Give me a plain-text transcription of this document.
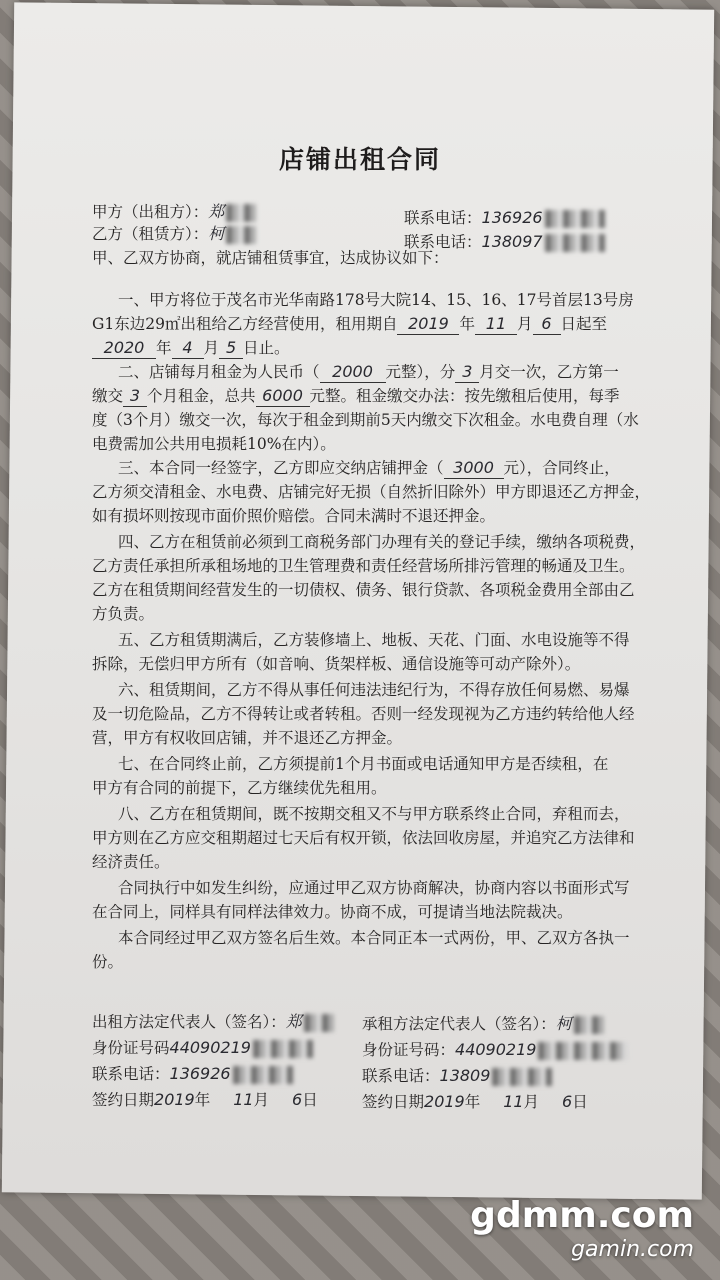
店铺出租合同
甲方（出租方）：郑	联系电话：136926
乙方（租赁方）：柯	联系电话：138097
甲、乙双方协商，就店铺租赁事宜，达成协议如下：
一、甲方将位于茂名市光华南路178号大院14、15、16、17号首层13号房
G1东边29㎡出租给乙方经营使用，租用期自 2019 年 11 月 6 日起至
2020 年 4 月 5 日止。
二、店铺每月租金为人民币（ 2000 元整），分 3 月交一次，乙方第一
缴交 3 个月租金，总共 6000 元整。租金缴交办法：按先缴租后使用，每季
度（3个月）缴交一次，每次于租金到期前5天内缴交下次租金。水电费自理（水
电费需加公共用电损耗10%在内）。
三、本合同一经签字，乙方即应交纳店铺押金（ 3000 元），合同终止，
乙方须交清租金、水电费、店铺完好无损（自然折旧除外）甲方即退还乙方押金，
如有损坏则按现市面价照价赔偿。合同未满时不退还押金。
四、乙方在租赁前必须到工商税务部门办理有关的登记手续，缴纳各项税费，
乙方责任承担所承租场地的卫生管理费和责任经营场所排污管理的畅通及卫生。
乙方在租赁期间经营发生的一切债权、债务、银行贷款、各项税金费用全部由乙
方负责。
五、乙方租赁期满后，乙方装修墙上、地板、天花、门面、水电设施等不得
拆除，无偿归甲方所有（如音响、货架样板、通信设施等可动产除外）。
六、租赁期间，乙方不得从事任何违法违纪行为，不得存放任何易燃、易爆
及一切危险品，乙方不得转让或者转租。否则一经发现视为乙方违约转给他人经
营，甲方有权收回店铺，并不退还乙方押金。
七、在合同终止前，乙方须提前1个月书面或电话通知甲方是否续租，在
甲方有合同的前提下，乙方继续优先租用。
八、乙方在租赁期间，既不按期交租又不与甲方联系终止合同，弃租而去，
甲方则在乙方应交租期超过七天后有权开锁，依法回收房屋，并追究乙方法律和
经济责任。
合同执行中如发生纠纷，应通过甲乙双方协商解决，协商内容以书面形式写
在合同上，同样具有同样法律效力。协商不成，可提请当地法院裁决。
本合同经过甲乙双方签名后生效。本合同正本一式两份，甲、乙双方各执一
份。
出租方法定代表人（签名）：郑	承租方法定代表人（签名）：柯
身份证号码44090219	身份证号码：44090219
联系电话：136926	联系电话：13809
签约日期2019年 11月 6日	签约日期2019年 11月 6日
gdmm.com
gamin.com
